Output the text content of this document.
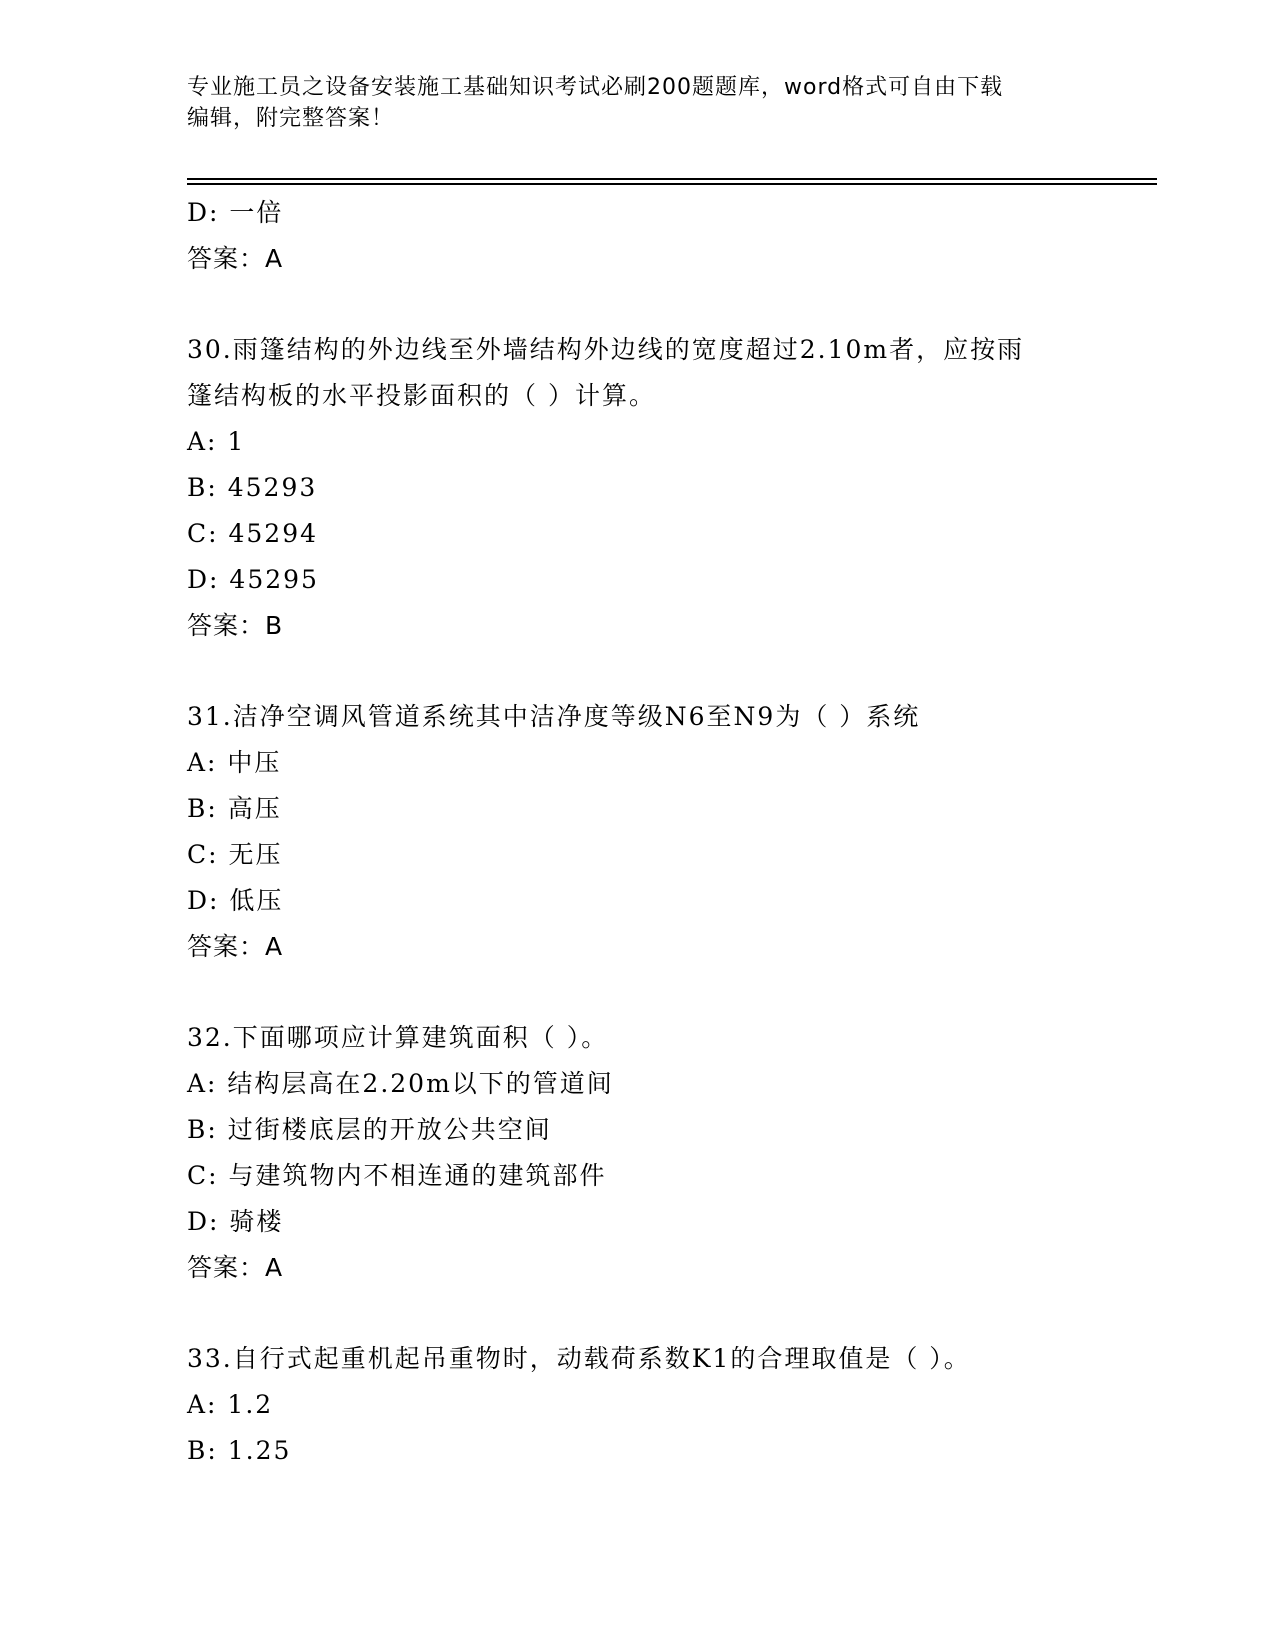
专业施工员之设备安装施工基础知识考试必刷200题题库，word格式可自由下载
编辑，附完整答案！
D: 一倍
答案：A
30.雨篷结构的外边线至外墙结构外边线的宽度超过2.10m者，应按雨
篷结构板的水平投影面积的（ ）计算。
A: 1
B: 45293
C: 45294
D: 45295
答案：B
31.洁净空调风管道系统其中洁净度等级N6至N9为（ ）系统
A: 中压
B: 高压
C: 无压
D: 低压
答案：A
32.下面哪项应计算建筑面积（ ）。
A: 结构层高在2.20m以下的管道间
B: 过街楼底层的开放公共空间
C: 与建筑物内不相连通的建筑部件
D: 骑楼
答案：A
33.自行式起重机起吊重物时，动载荷系数K1的合理取值是（ ）。
A: 1.2
B: 1.25
